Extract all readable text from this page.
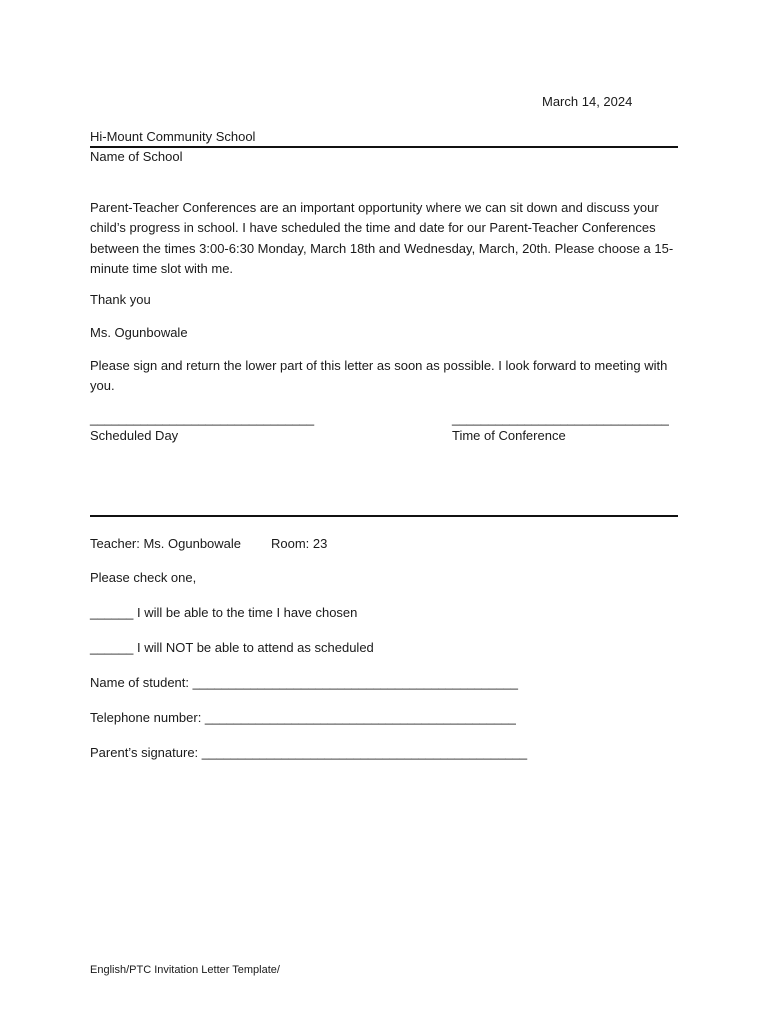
March 14, 2024
Hi-Mount Community School
Name of School
Parent-Teacher Conferences are an important opportunity where we can sit down and discuss your child’s progress in school. I have scheduled the time and date for our Parent-Teacher Conferences between the times 3:00-6:30 Monday, March 18th and Wednesday, March, 20th. Please choose a 15-minute time slot with me.
Thank you
Ms. Ogunbowale
Please sign and return the lower part of this letter as soon as possible. I look forward to meeting with you.
_______________________________
Scheduled Day
______________________________
Time of Conference
Teacher: Ms. Ogunbowale Room: 23
Please check one,
______ I will be able to the time I have chosen
______ I will NOT be able to attend as scheduled
Name of student: _____________________________________________
Telephone number: ___________________________________________
Parent’s signature: _____________________________________________
English/PTC Invitation Letter Template/
